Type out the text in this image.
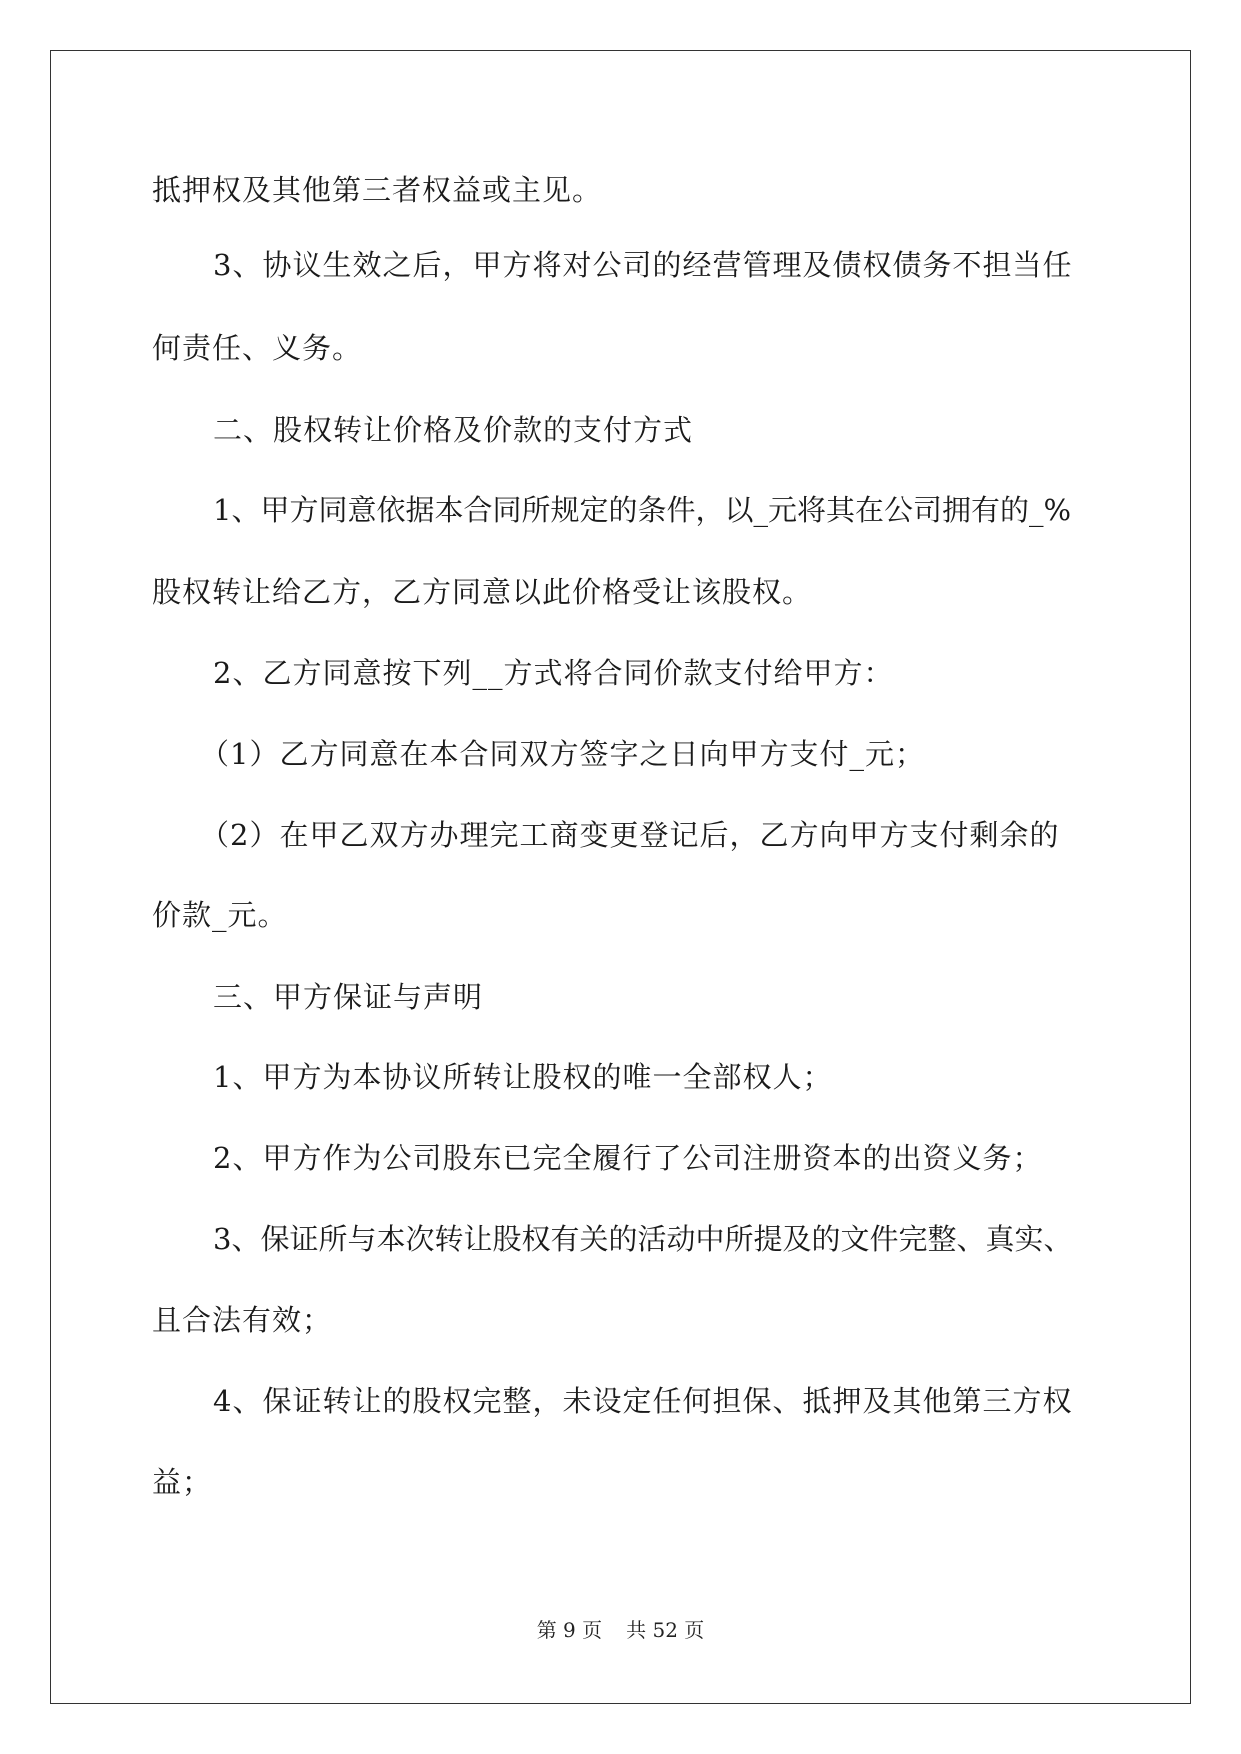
抵押权及其他第三者权益或主见。
3、协议生效之后，甲方将对公司的经营管理及债权债务不担当任
何责任、义务。
二、股权转让价格及价款的支付方式
1、甲方同意依据本合同所规定的条件，以_元将其在公司拥有的_%
股权转让给乙方，乙方同意以此价格受让该股权。
2、乙方同意按下列__方式将合同价款支付给甲方：
（1）乙方同意在本合同双方签字之日向甲方支付_元；
（2）在甲乙双方办理完工商变更登记后，乙方向甲方支付剩余的
价款_元。
三、甲方保证与声明
1、甲方为本协议所转让股权的唯一全部权人；
2、甲方作为公司股东已完全履行了公司注册资本的出资义务；
3、保证所与本次转让股权有关的活动中所提及的文件完整、真实、
且合法有效；
4、保证转让的股权完整，未设定任何担保、抵押及其他第三方权
益；
第 9 页 共 52 页
